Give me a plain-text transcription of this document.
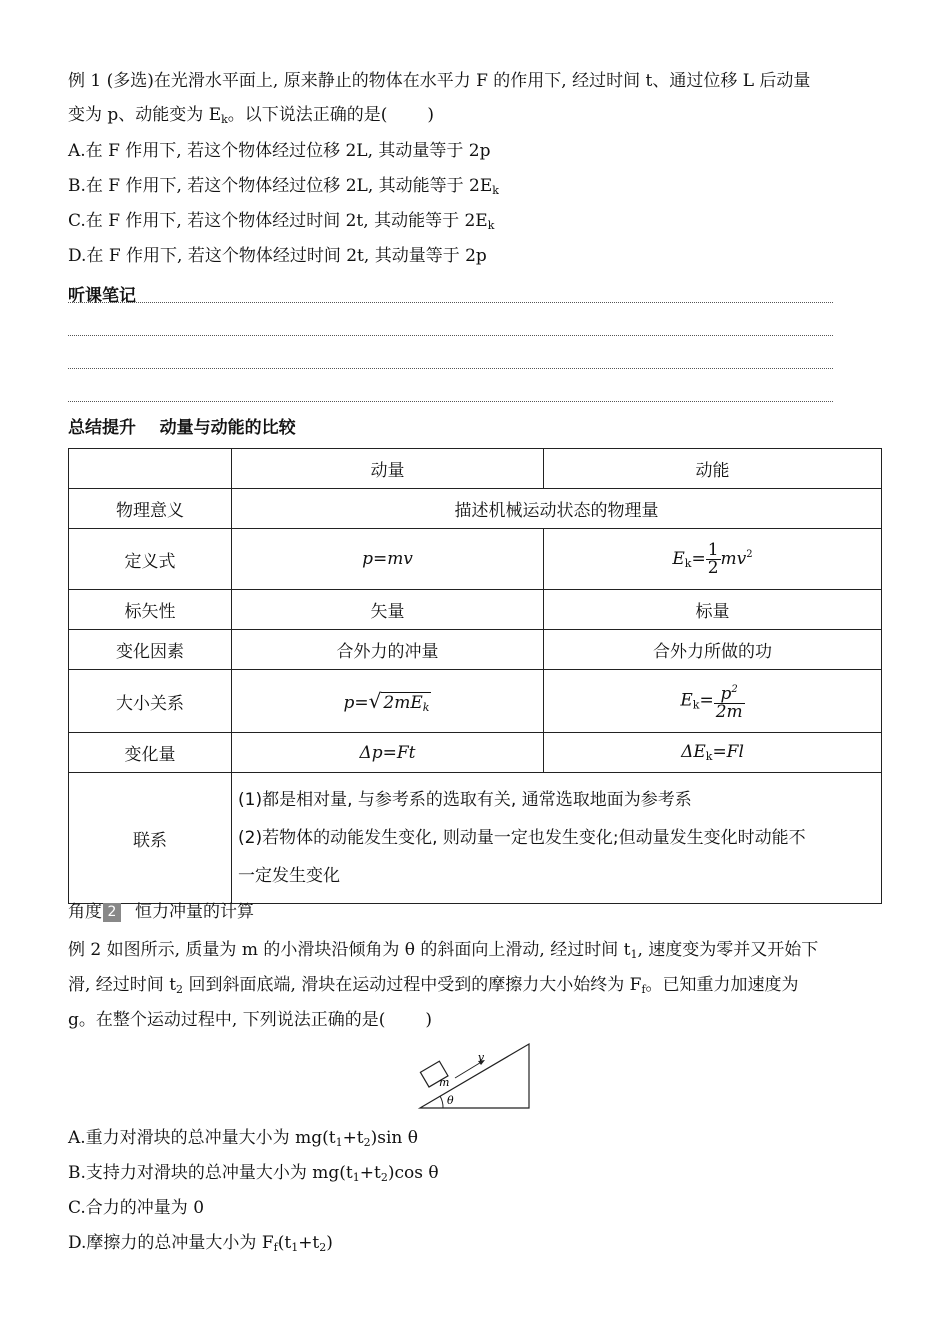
例 1 (多选)在光滑水平面上, 原来静止的物体在水平力 F 的作用下, 经过时间 t、通过位移 L 后动量
变为 p、动能变为 $E_k$。以下说法正确的是( )
A.在 F 作用下, 若这个物体经过位移 2L, 其动量等于 2p
B.在 F 作用下, 若这个物体经过位移 2L, 其动能等于 $2E_k$
C.在 F 作用下, 若这个物体经过时间 2t, 其动能等于 $2E_k$
D.在 F 作用下, 若这个物体经过时间 2t, 其动量等于 2p
听课笔记
总结提升    动量与动能的比较
	动量	动能
物理意义	描述机械运动状态的物理量	
定义式	p=mv	$E_k= \frac{1}{2} mv^2$
标矢性	矢量	标量
变化因素	合外力的冲量	合外力所做的功
大小关系	p=√ $2mE_k$	$E_k= \frac{p^2}{2m}$

变化量	Δp=Ft	$\Delta E_k=Fl$
联系	(1)都是相对量, 与参考系的选取有关, 通常选取地面为参考系
(2)若物体的动能发生变化, 则动量一定也发生变化;但动量发生变化时动能不
一定发生变化	
角度 2 恒力冲量的计算
例 2 如图所示, 质量为 m 的小滑块沿倾角为 θ 的斜面向上滑动, 经过时间 $t_1$, 速度变为零并又开始下
滑, 经过时间 $t_2$ 回到斜面底端, 滑块在运动过程中受到的摩擦力大小始终为 $F_f$。已知重力加速度为
g。在整个运动过程中, 下列说法正确的是( )
m
v
θ
A.重力对滑块的总冲量大小为 $mg(t_1+t_2)\sin$ θ
B.支持力对滑块的总冲量大小为 $mg(t_1+t_2)\cos$ θ
C.合力的冲量为 0
D.摩擦力的总冲量大小为 $F_f(t_1+t_2)$
